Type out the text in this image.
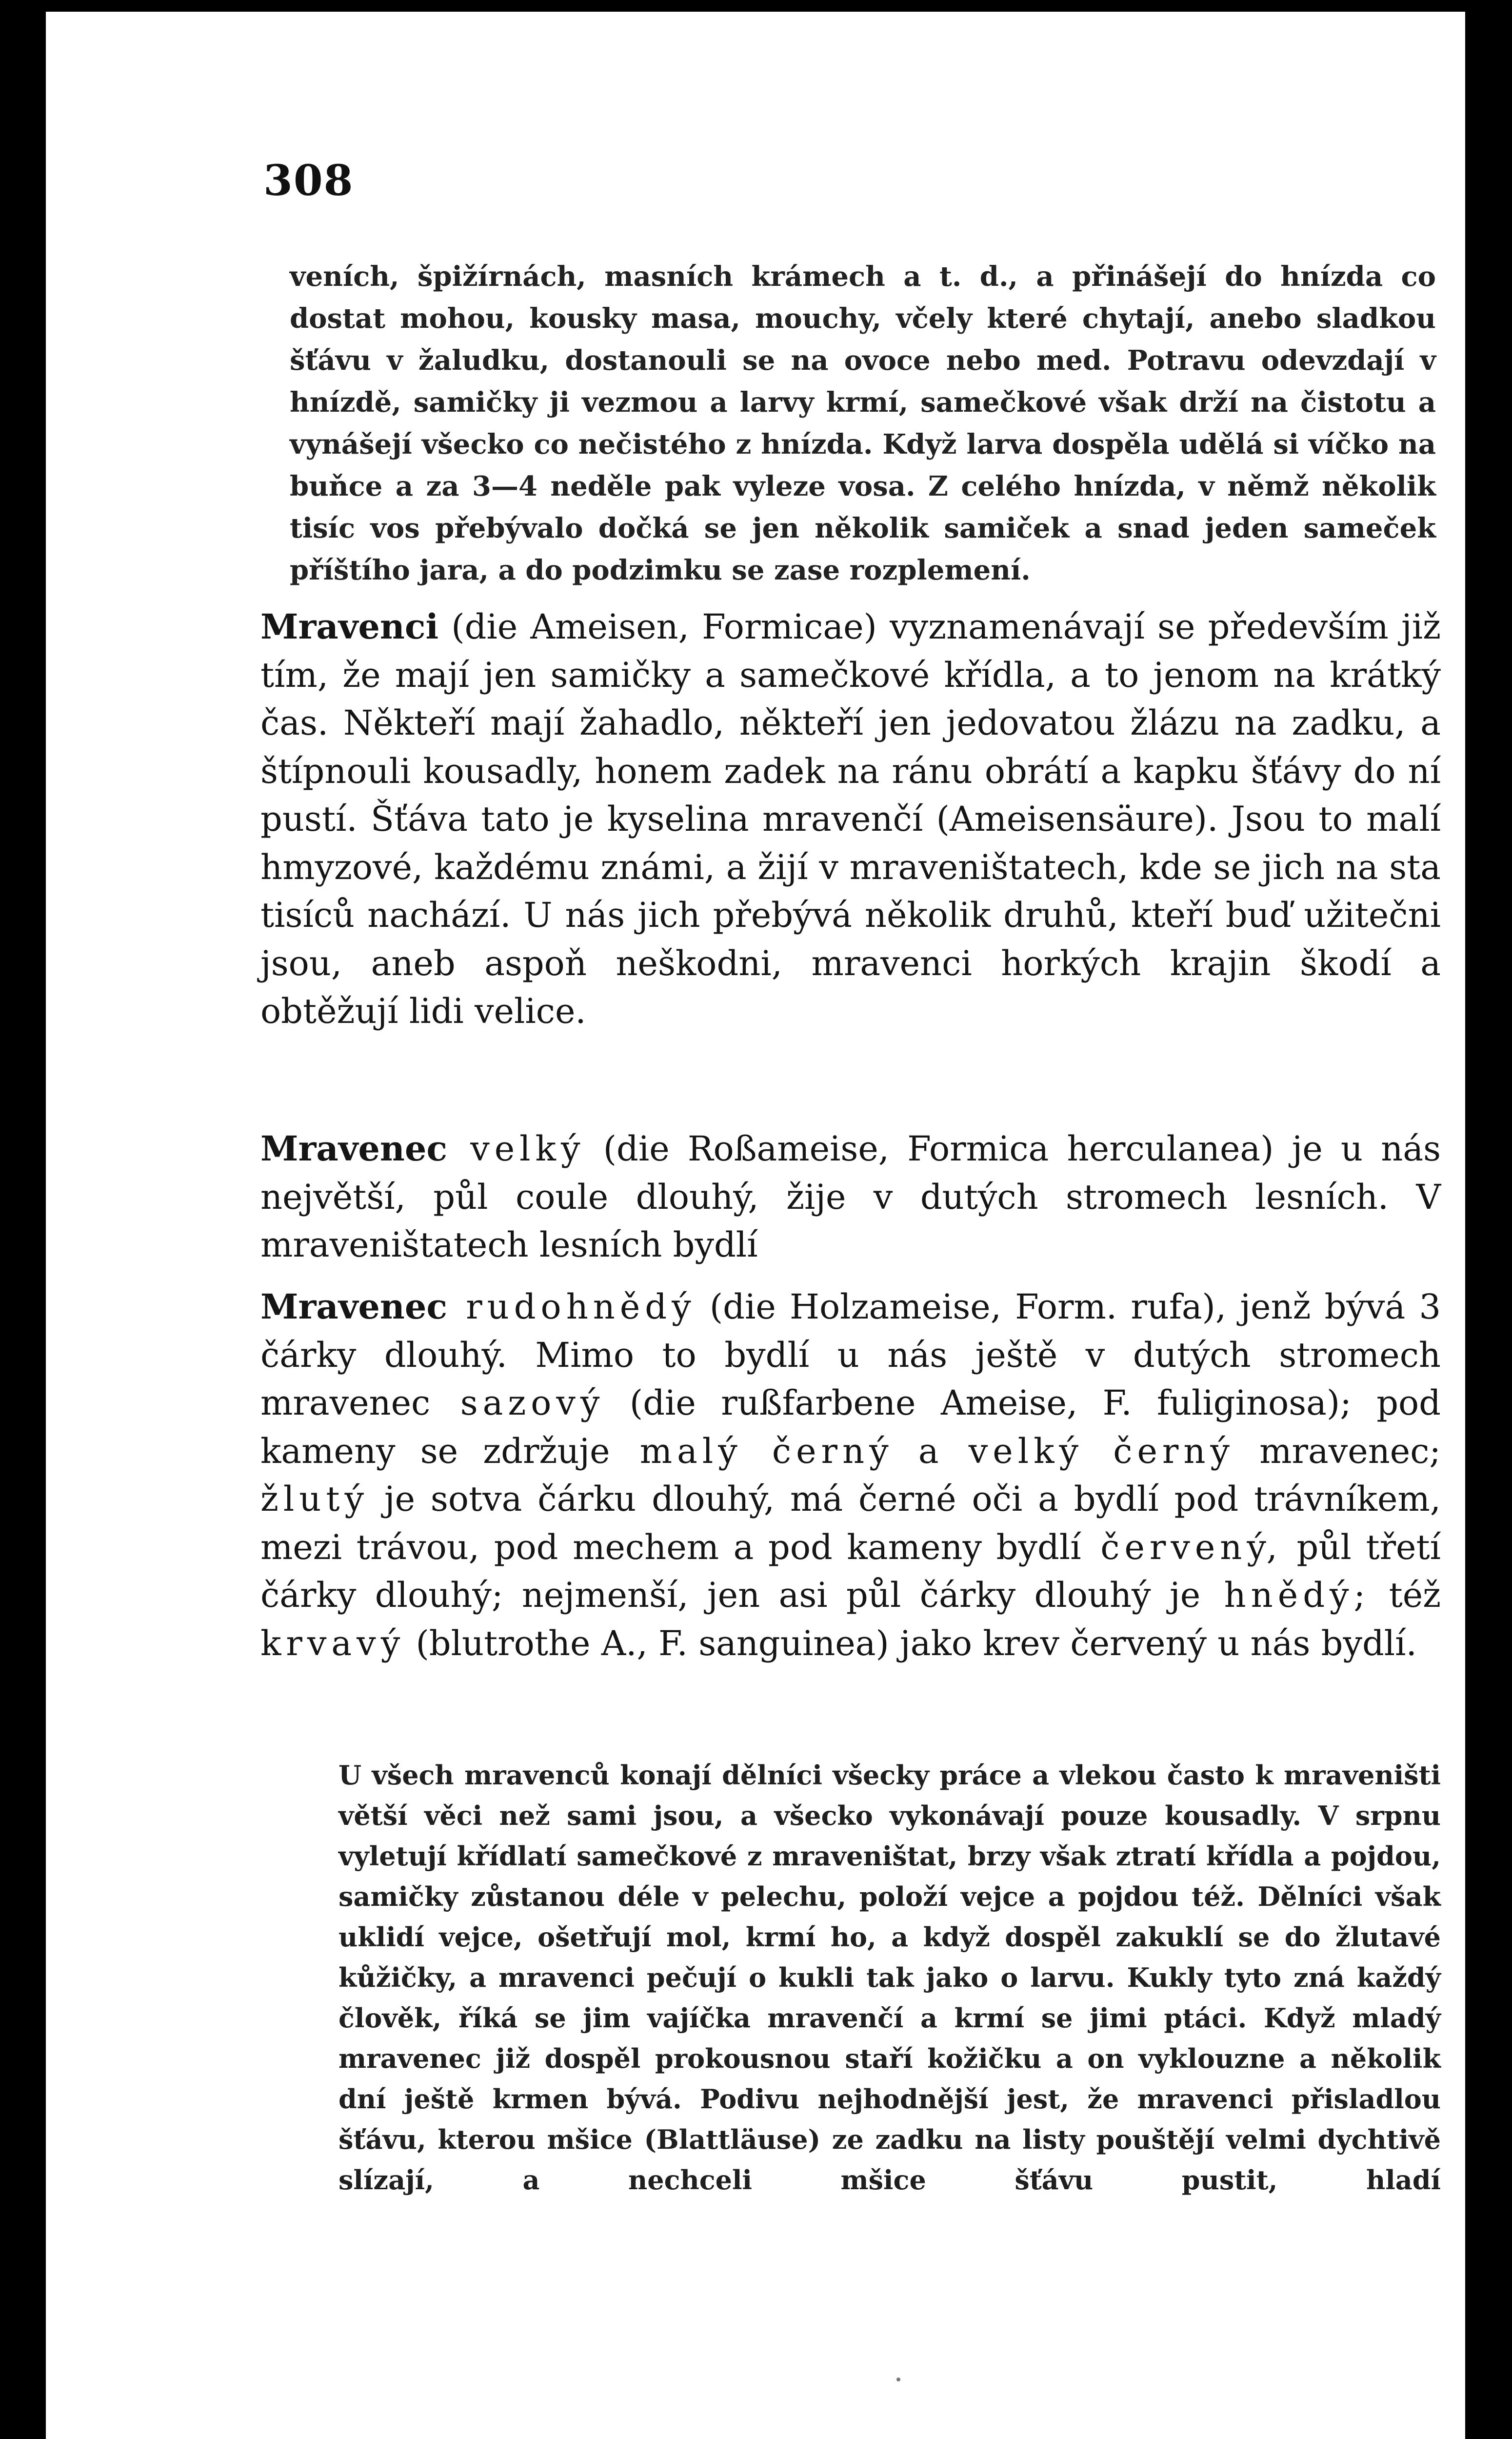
308

veních, špižírnách, masních krámech a t. d., a přinášejí do hnízda co dostat mohou, kousky masa, mouchy, včely které chytají, anebo sladkou šťávu v žaludku, dostanouli se na ovoce nebo med. Potravu odevzdají v hnízdě, samičky ji vezmou a larvy krmí, samečkové však drží na čistotu a vynášejí všecko co nečistého z hnízda. Když larva dospěla udělá si víčko na buňce a za 3—4 neděle pak vyleze vosa. Z celého hnízda, v němž několik tisíc vos přebývalo dočká se jen několik samiček a snad jeden sameček příštího jara, a do podzimku se zase rozplemení.

Mravenci (die Ameisen, Formicae) vyznamenávají se především již tím, že mají jen samičky a samečkové křídla, a to jenom na krátký čas. Někteří mají žahadlo, někteří jen jedovatou žlázu na zadku, a štípnouli kousadly, honem zadek na ránu obrátí a kapku šťávy do ní pustí. Šťáva tato je kyselina mravenčí (Ameisensäure). Jsou to malí hmyzové, každému známi, a žijí v mraveništatech, kde se jich na sta tisíců nachází. U nás jich přebývá několik druhů, kteří buď užitečni jsou, aneb aspoň neškodni, mravenci horkých krajin škodí a obtěžují lidi velice.

Mravenec velký (die Roßameise, Formica herculanea) je u nás největší, půl coule dlouhý, žije v dutých stromech lesních. V mraveništatech lesních bydlí

Mravenec rudohnědý (die Holzameise, Form. rufa), jenž bývá 3 čárky dlouhý. Mimo to bydlí u nás ještě v dutých stromech mravenec sazový (die rußfarbene Ameise, F. fuliginosa); pod kameny se zdržuje malý černý a velký černý mravenec; žlutý je sotva čárku dlouhý, má černé oči a bydlí pod trávníkem, mezi trávou, pod mechem a pod kameny bydlí červený, půl třetí čárky dlouhý; nejmenší, jen asi půl čárky dlouhý je hnědý; též krvavý (blutrothe A., F. sanguinea) jako krev červený u nás bydlí.

U všech mravenců konají dělníci všecky práce a vlekou často k mraveništi větší věci než sami jsou, a všecko vykonávají pouze kousadly. V srpnu vyletují křídlatí samečkové z mraveništat, brzy však ztratí křídla a pojdou, samičky zůstanou déle v pelechu, položí vejce a pojdou též. Dělníci však uklidí vejce, ošetřují mol, krmí ho, a když dospěl zakuklí se do žlutavé kůžičky, a mravenci pečují o kukli tak jako o larvu. Kukly tyto zná každý člověk, říká se jim vajíčka mravenčí a krmí se jimi ptáci. Když mladý mravenec již dospěl prokousnou staří kožičku a on vyklouzne a několik dní ještě krmen bývá. Podivu nejhodnější jest, že mravenci přisladlou šťávu, kterou mšice (Blattläuse) ze zadku na listy pouštějí velmi dychtivě slízají, a nechceli mšice šťávu pustit, hladí
